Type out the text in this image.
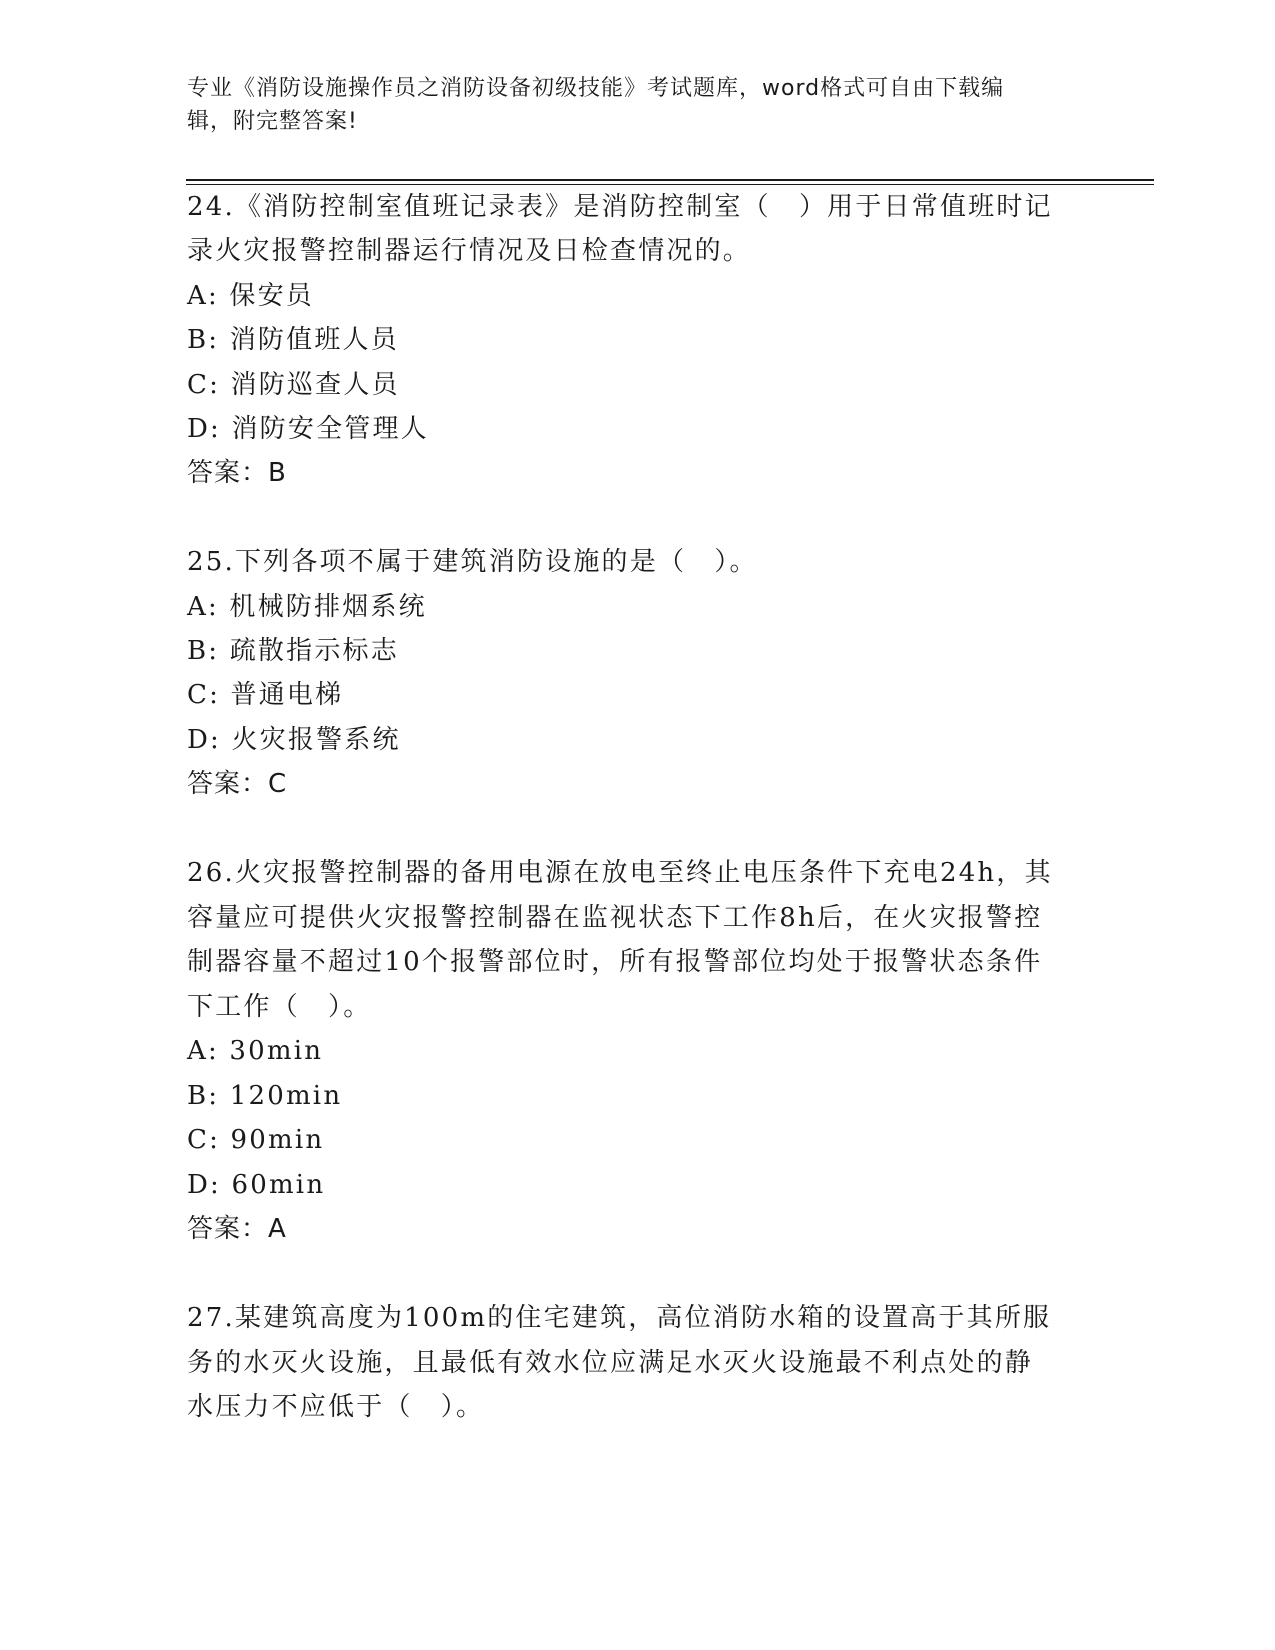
专业《消防设施操作员之消防设备初级技能》考试题库，word格式可自由下载编
辑，附完整答案!
24.《消防控制室值班记录表》是消防控制室（　）用于日常值班时记
录火灾报警控制器运行情况及日检查情况的。
A: 保安员
B: 消防值班人员
C: 消防巡查人员
D: 消防安全管理人
答案：B
25.下列各项不属于建筑消防设施的是（　）。
A: 机械防排烟系统
B: 疏散指示标志
C: 普通电梯
D: 火灾报警系统
答案：C
26.火灾报警控制器的备用电源在放电至终止电压条件下充电24h，其
容量应可提供火灾报警控制器在监视状态下工作8h后，在火灾报警控
制器容量不超过10个报警部位时，所有报警部位均处于报警状态条件
下工作（　）。
A: 30min
B: 120min
C: 90min
D: 60min
答案：A
27.某建筑高度为100m的住宅建筑，高位消防水箱的设置高于其所服
务的水灭火设施，且最低有效水位应满足水灭火设施最不利点处的静
水压力不应低于（　）。
